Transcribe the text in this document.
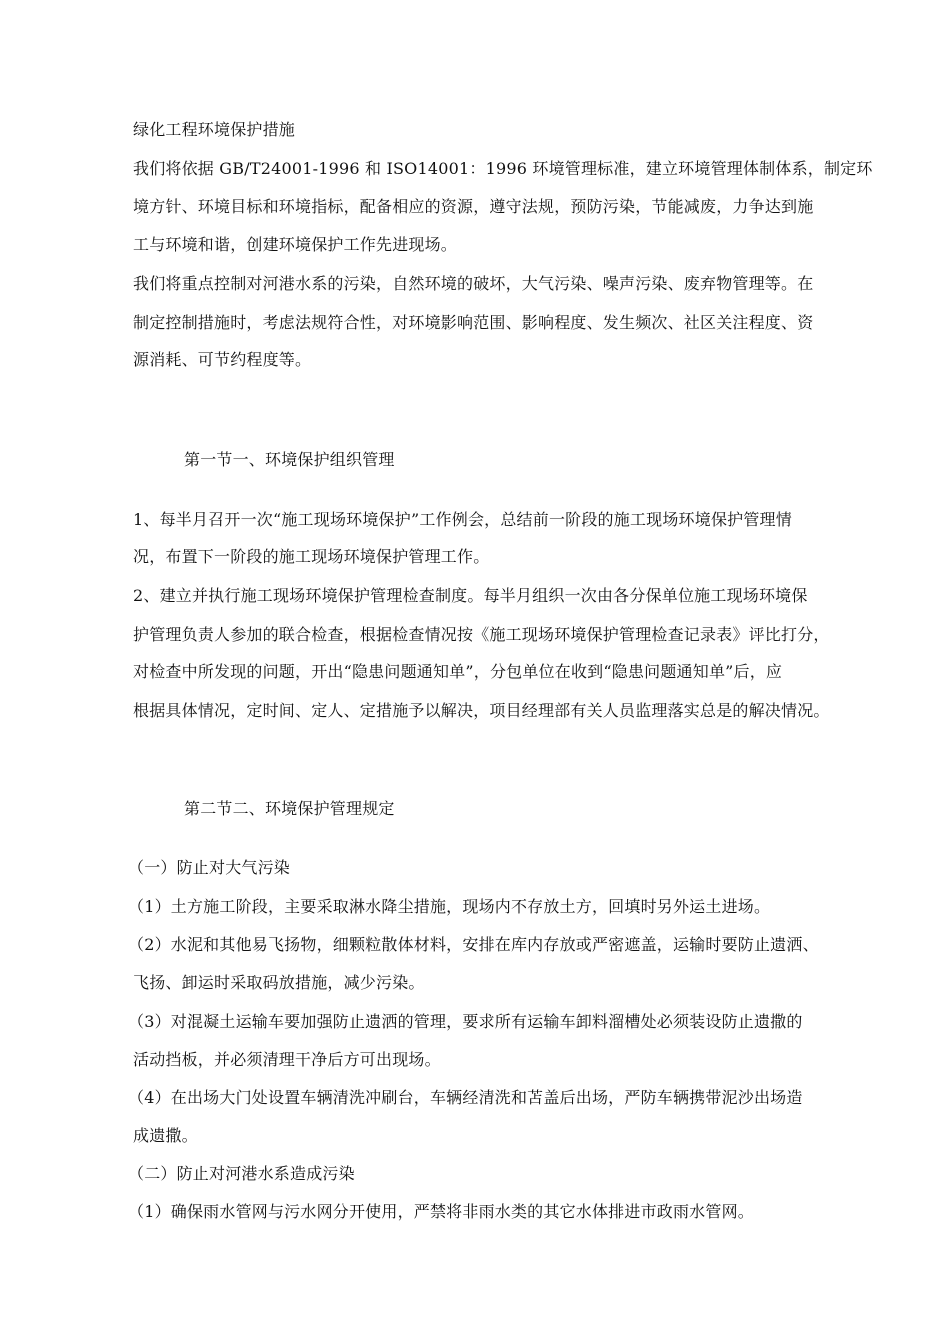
绿化工程环境保护措施
我们将依据 GB/T24001-1996 和 ISO14001：1996 环境管理标准，建立环境管理体制体系，制定环
境方针、环境目标和环境指标，配备相应的资源，遵守法规，预防污染，节能减废，力争达到施
工与环境和谐，创建环境保护工作先进现场。
我们将重点控制对河港水系的污染，自然环境的破坏，大气污染、噪声污染、废弃物管理等。在
制定控制措施时，考虑法规符合性，对环境影响范围、影响程度、发生频次、社区关注程度、资
源消耗、可节约程度等。
第一节一、环境保护组织管理
1、每半月召开一次“施工现场环境保护”工作例会，总结前一阶段的施工现场环境保护管理情
况，布置下一阶段的施工现场环境保护管理工作。
2、建立并执行施工现场环境保护管理检查制度。每半月组织一次由各分保单位施工现场环境保
护管理负责人参加的联合检查，根据检查情况按《施工现场环境保护管理检查记录表》评比打分，
对检查中所发现的问题，开出“隐患问题通知单”，分包单位在收到“隐患问题通知单”后，应
根据具体情况，定时间、定人、定措施予以解决，项目经理部有关人员监理落实总是的解决情况。
第二节二、环境保护管理规定
（一）防止对大气污染
（1）土方施工阶段，主要采取淋水降尘措施，现场内不存放土方，回填时另外运土进场。
（2）水泥和其他易飞扬物，细颗粒散体材料，安排在库内存放或严密遮盖，运输时要防止遗洒、
飞扬、卸运时采取码放措施，减少污染。
（3）对混凝土运输车要加强防止遗洒的管理，要求所有运输车卸料溜槽处必须装设防止遗撒的
活动挡板，并必须清理干净后方可出现场。
（4）在出场大门处设置车辆清洗冲刷台，车辆经清洗和苫盖后出场，严防车辆携带泥沙出场造
成遗撒。
（二）防止对河港水系造成污染
（1）确保雨水管网与污水网分开使用，严禁将非雨水类的其它水体排进市政雨水管网。
